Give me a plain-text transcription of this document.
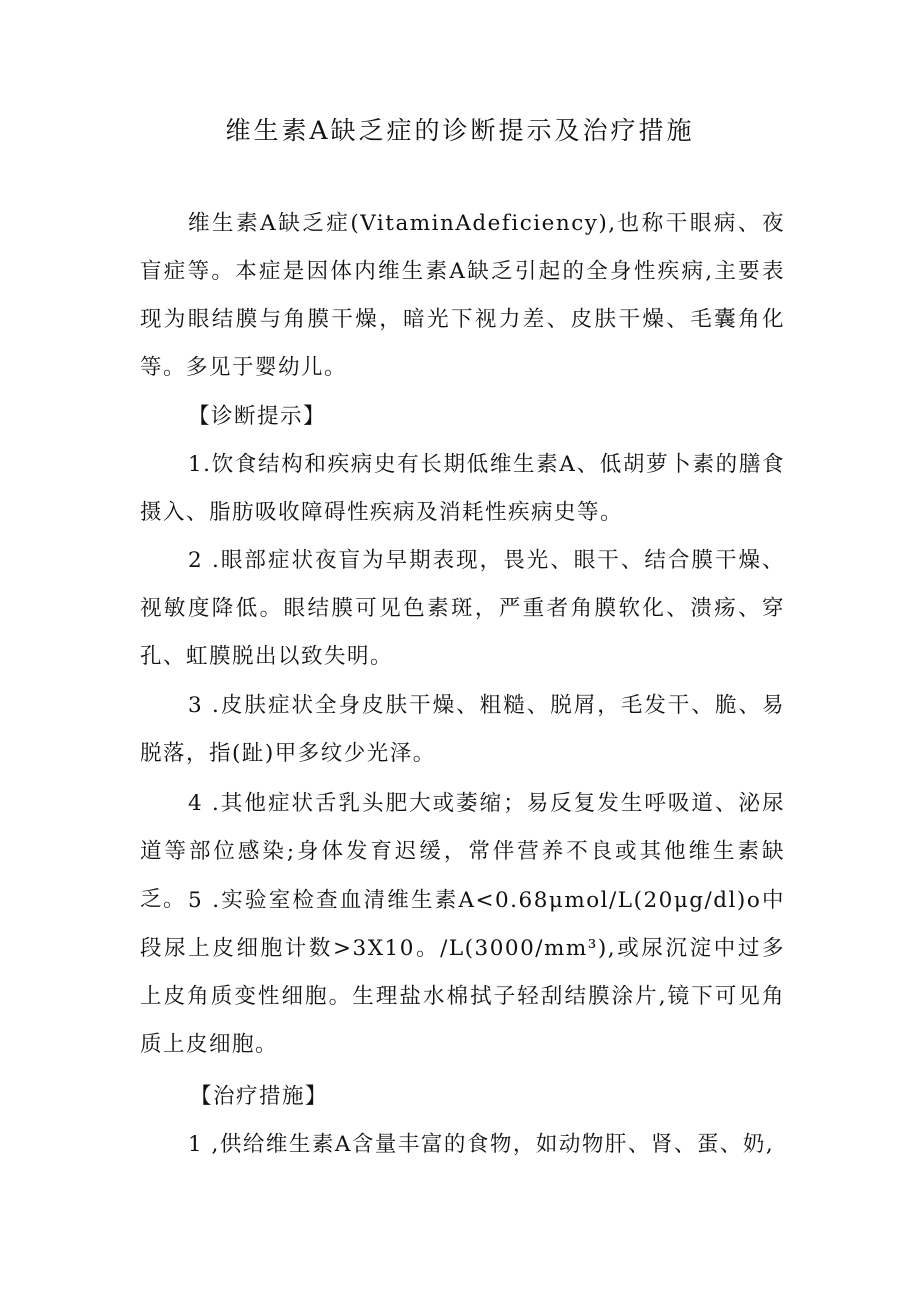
维生素A缺乏症的诊断提示及治疗措施

维生素A缺乏症(VitaminAdeficiency),也称干眼病、夜盲症等。本症是因体内维生素A缺乏引起的全身性疾病,主要表现为眼结膜与角膜干燥，暗光下视力差、皮肤干燥、毛囊角化等。多见于婴幼儿。

【诊断提示】

1.饮食结构和疾病史有长期低维生素A、低胡萝卜素的膳食摄入、脂肪吸收障碍性疾病及消耗性疾病史等。

2 .眼部症状夜盲为早期表现，畏光、眼干、结合膜干燥、视敏度降低。眼结膜可见色素斑，严重者角膜软化、溃疡、穿孔、虹膜脱出以致失明。

3 .皮肤症状全身皮肤干燥、粗糙、脱屑，毛发干、脆、易脱落，指(趾)甲多纹少光泽。

4 .其他症状舌乳头肥大或萎缩；易反复发生呼吸道、泌尿道等部位感染;身体发育迟缓，常伴营养不良或其他维生素缺乏。 5 .实验室检查血清维生素A<0.68μmol∕L(20μg∕dl)o中段尿上皮细胞计数>3X10。/L(3000∕mm³),或尿沉淀中过多上皮角质变性细胞。生理盐水棉拭子轻刮结膜涂片,镜下可见角质上皮细胞。

【治疗措施】

1 ,供给维生素A含量丰富的食物，如动物肝、肾、蛋、奶,
